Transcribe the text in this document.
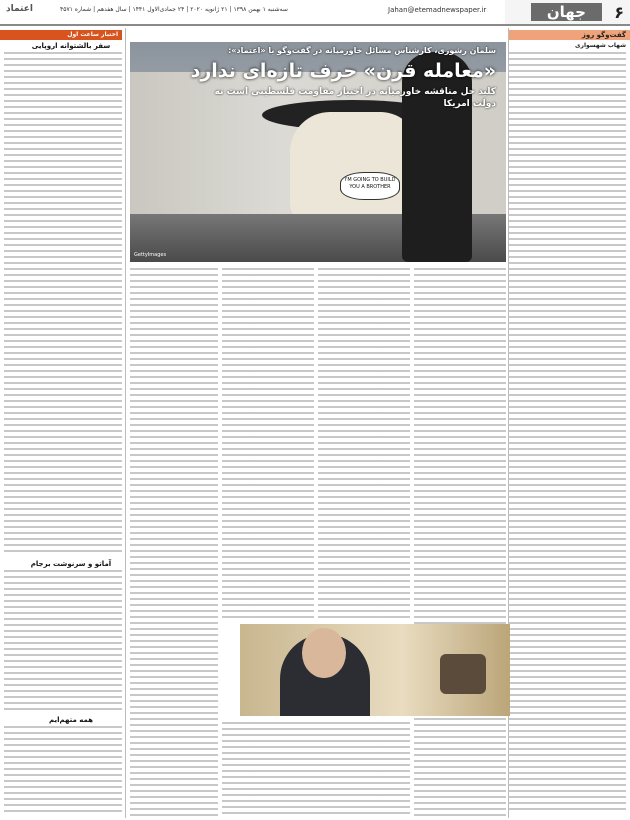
۶
جهان
Jahan@etemadnewspaper.ir
سه‌شنبه ۱ بهمن ۱۳۹۸ | ۲۱ ژانویه ۲۰۲۰ | ۲۴ جمادی‌الاول ۱۴۴۱ | سال هفدهم | شماره ۴۵۷۱
اعتماد
گفت‌وگو روز
شهاب شهسواری
اختبار ساعت اول
سفر بالشتوانه اروپایی
آماتو و سرنوشت برجام
همه متهم‌ایم
I'M GOING TO BUILD YOU A BROTHER
GettyImages
سلمان رشوری، کارشناس مسائل خاورمیانه در گفت‌وگو با «اعتماد»:
«معامله قرن» حرف تازه‌ای ندارد
کلید حل مناقشه خاورمیانه در اختیار مقاومت فلسطینی است نه دولت امریکا
